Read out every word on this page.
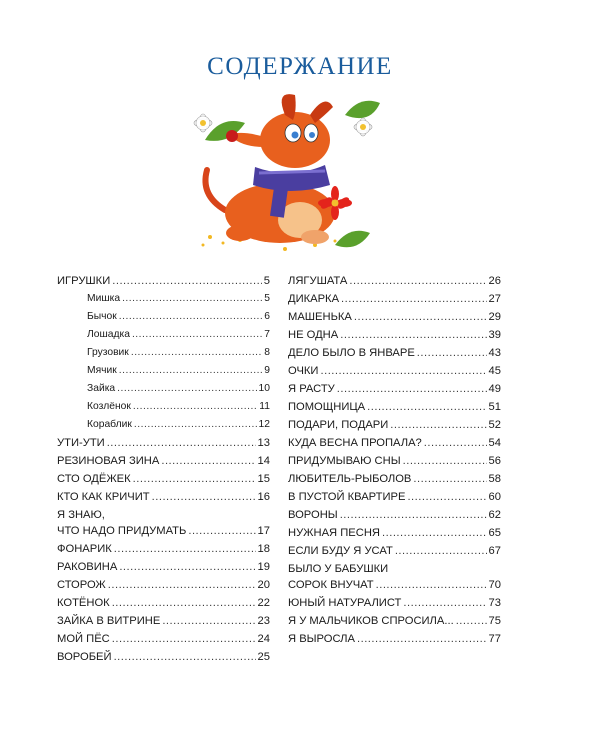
СОДЕРЖАНИЕ
ИГРУШКИ .....	5
Мишка .....	5
Бычок .....	6
Лошадка .....	7
Грузовик .....	8
Мячик .....	9
Зайка .....	10
Козлёнок .....	11
Кораблик .....	12
УТИ-УТИ .....	13
РЕЗИНОВАЯ ЗИНА .....	14
СТО ОДЁЖЕК .....	15
КТО КАК КРИЧИТ .....	16
Я ЗНАЮ,
ЧТО НАДО ПРИДУМАТЬ .....	17
ФОНАРИК .....	18
РАКОВИНА .....	19
СТОРОЖ .....	20
КОТЁНОК .....	22
ЗАЙКА В ВИТРИНЕ .....	23
МОЙ ПЁС .....	24
ВОРОБЕЙ .....	25
ЛЯГУШАТА .....	26
ДИКАРКА .....	27
МАШЕНЬКА .....	29
НЕ ОДНА .....	39
ДЕЛО БЫЛО В ЯНВАРЕ .....	43
ОЧКИ .....	45
Я РАСТУ .....	49
ПОМОЩНИЦА .....	51
ПОДАРИ, ПОДАРИ .....	52
КУДА ВЕСНА ПРОПАЛА? .....	54
ПРИДУМЫВАЮ СНЫ .....	56
ЛЮБИТЕЛЬ-РЫБОЛОВ .....	58
В ПУСТОЙ КВАРТИРЕ .....	60
ВОРОНЫ .....	62
НУЖНАЯ ПЕСНЯ .....	65
ЕСЛИ БУДУ Я УСАТ .....	67
БЫЛО У БАБУШКИ
СОРОК ВНУЧАТ .....	70
ЮНЫЙ НАТУРАЛИСТ .....	73
Я У МАЛЬЧИКОВ СПРОСИЛА... .....	75
Я ВЫРОСЛА .....	77
